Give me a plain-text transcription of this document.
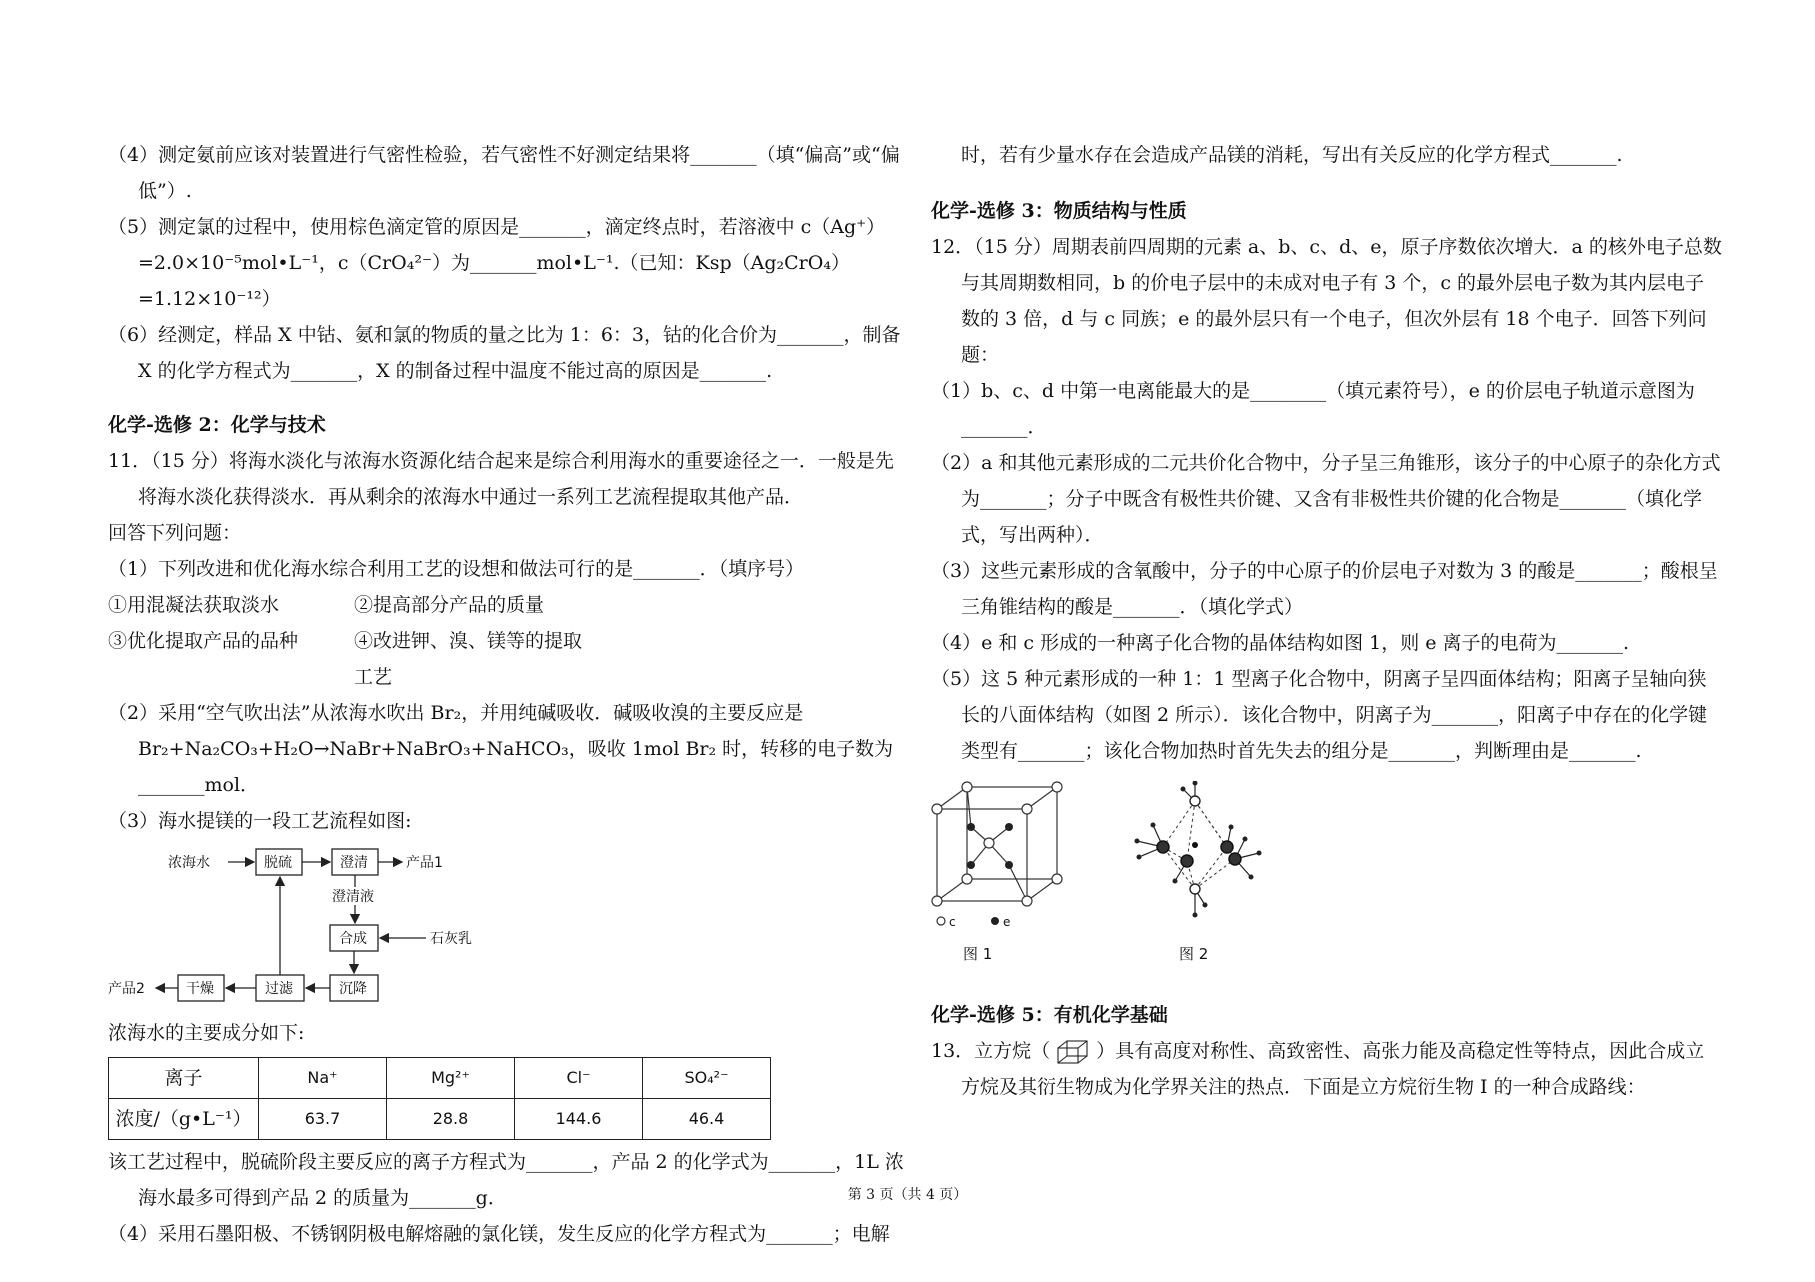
（4）测定氨前应该对装置进行气密性检验，若气密性不好测定结果将_______（填“偏高”或“偏低”）.

（5）测定氯的过程中，使用棕色滴定管的原因是_______，滴定终点时，若溶液中 c（Ag⁺）=2.0×10⁻⁵mol•L⁻¹，c（CrO₄²⁻）为_______mol•L⁻¹.（已知：Ksp（Ag₂CrO₄）=1.12×10⁻¹²）

（6）经测定，样品 X 中钴、氨和氯的物质的量之比为 1：6：3，钴的化合价为_______，制备 X 的化学方程式为_______，X 的制备过程中温度不能过高的原因是_______.

化学-选修 2：化学与技术

11．（15 分）将海水淡化与浓海水资源化结合起来是综合利用海水的重要途径之一．一般是先将海水淡化获得淡水．再从剩余的浓海水中通过一系列工艺流程提取其他产品．

回答下列问题：

（1）下列改进和优化海水综合利用工艺的设想和做法可行的是_______．（填序号）

①用混凝法获取淡水	②提高部分产品的质量
③优化提取产品的品种	④改进钾、溴、镁等的提取工艺

（2）采用“空气吹出法”从浓海水吹出 Br₂，并用纯碱吸收．碱吸收溴的主要反应是 Br₂+Na₂CO₃+H₂O→NaBr+NaBrO₃+NaHCO₃，吸收 1mol Br₂ 时，转移的电子数为_______mol．

（3）海水提镁的一段工艺流程如图:

浓海水	脱硫	澄清	产品1
澄清液
合成	石灰乳
沉降
过滤
干燥
产品2

浓海水的主要成分如下:

离子	Na⁺	Mg²⁺	Cl⁻	SO₄²⁻
浓度/（g•L⁻¹）	63.7	28.8	144.6	46.4

该工艺过程中，脱硫阶段主要反应的离子方程式为_______，产品 2 的化学式为_______，1L 浓海水最多可得到产品 2 的质量为_______g．

（4）采用石墨阳极、不锈钢阴极电解熔融的氯化镁，发生反应的化学方程式为_______；电解

时，若有少量水存在会造成产品镁的消耗，写出有关反应的化学方程式_______.

化学-选修 3：物质结构与性质

12．（15 分）周期表前四周期的元素 a、b、c、d、e，原子序数依次增大．a 的核外电子总数与其周期数相同，b 的价电子层中的未成对电子有 3 个，c 的最外层电子数为其内层电子数的 3 倍，d 与 c 同族；e 的最外层只有一个电子，但次外层有 18 个电子．回答下列问题：

（1）b、c、d 中第一电离能最大的是________（填元素符号），e 的价层电子轨道示意图为_______．

（2）a 和其他元素形成的二元共价化合物中，分子呈三角锥形，该分子的中心原子的杂化方式为_______；分子中既含有极性共价键、又含有非极性共价键的化合物是_______（填化学式，写出两种）．

（3）这些元素形成的含氧酸中，分子的中心原子的价层电子对数为 3 的酸是_______；酸根呈三角锥结构的酸是_______．（填化学式）

（4）e 和 c 形成的一种离子化合物的晶体结构如图 1，则 e 离子的电荷为_______.

（5）这 5 种元素形成的一种 1：1 型离子化合物中，阴离子呈四面体结构；阳离子呈轴向狭长的八面体结构（如图 2 所示）．该化合物中，阴离子为_______，阳离子中存在的化学键类型有_______；该化合物加热时首先失去的组分是_______，判断理由是_______.

c	e
图 1	图 2

化学-选修 5：有机化学基础

13．立方烷（ ）具有高度对称性、高致密性、高张力能及高稳定性等特点，因此合成立方烷及其衍生物成为化学界关注的热点．下面是立方烷衍生物 I 的一种合成路线：

第 3 页（共 4 页）
